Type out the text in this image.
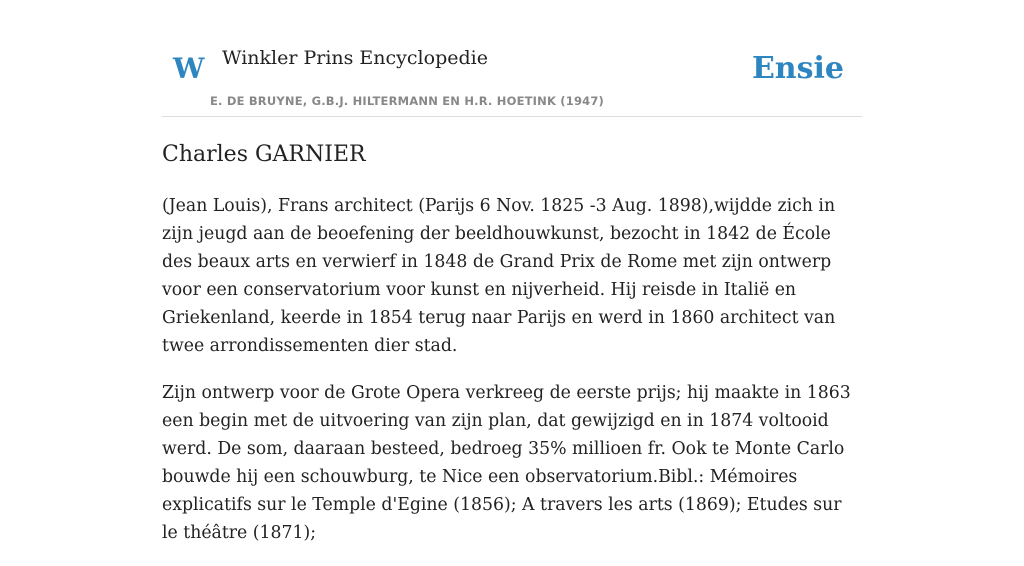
W Winkler Prins Encyclopedie
E. DE BRUYNE, G.B.J. HILTERMANN EN H.R. HOETINK (1947)
Ensie
Charles GARNIER

(Jean Louis), Frans architect (Parijs 6 Nov. 1825 -3 Aug. 1898),wijdde zich in zijn jeugd aan de beoefening der beeldhouwkunst, bezocht in 1842 de École des beaux arts en verwierf in 1848 de Grand Prix de Rome met zijn ontwerp voor een conservatorium voor kunst en nijverheid. Hij reisde in Italië en Griekenland, keerde in 1854 terug naar Parijs en werd in 1860 architect van twee arrondissementen dier stad.

Zijn ontwerp voor de Grote Opera verkreeg de eerste prijs; hij maakte in 1863 een begin met de uitvoering van zijn plan, dat gewijzigd en in 1874 voltooid werd. De som, daaraan besteed, bedroeg 35% millioen fr. Ook te Monte Carlo bouwde hij een schouwburg, te Nice een observatorium.Bibl.: Mémoires explicatifs sur le Temple d'Egine (1856); A travers les arts (1869); Etudes sur le théâtre (1871);
